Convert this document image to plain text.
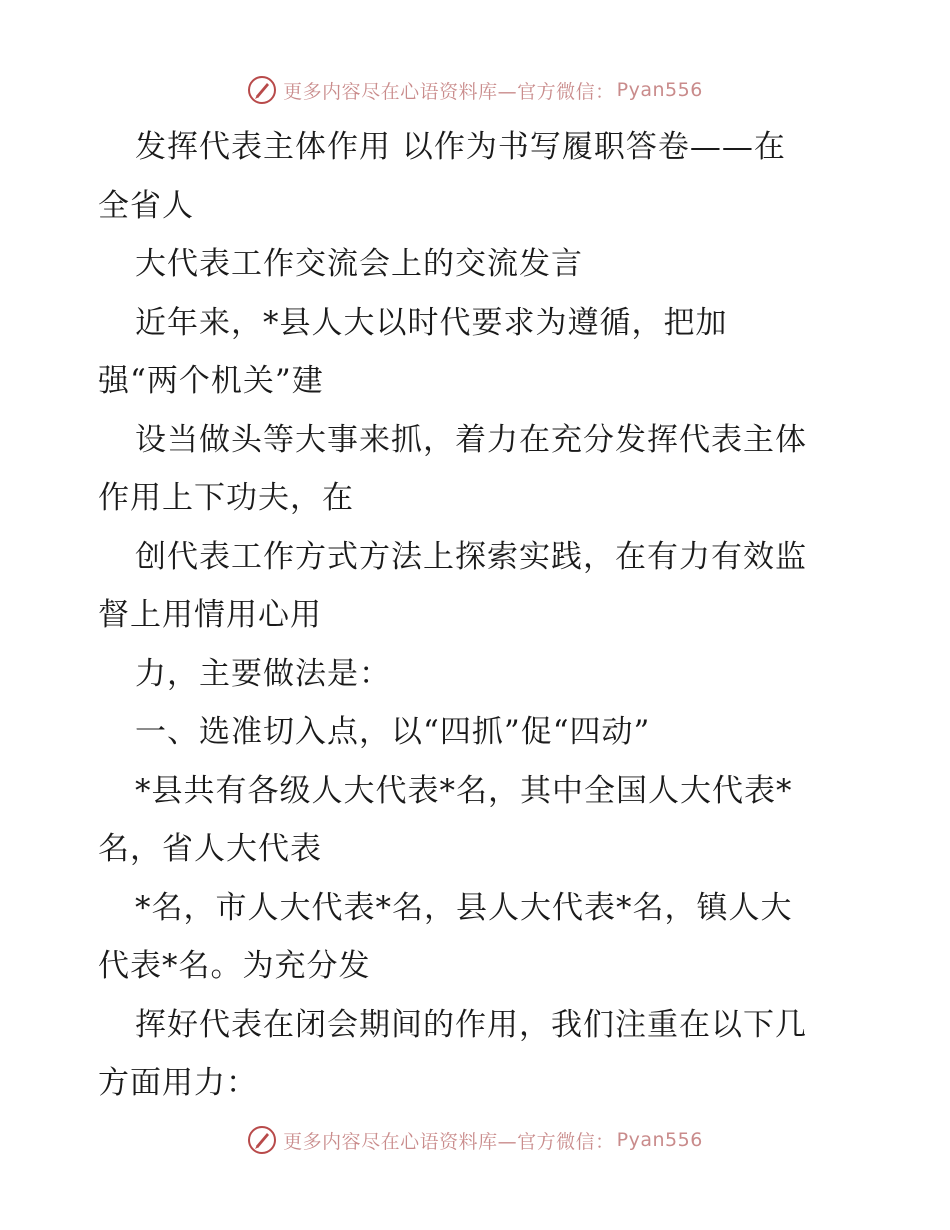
更多内容尽在心语资料库—官方微信： Pyan556
发挥代表主体作用 以作为书写履职答卷——在
全省人
大代表工作交流会上的交流发言
近年来，*县人大以时代要求为遵循，把加
强“两个机关”建
设当做头等大事来抓，着力在充分发挥代表主体
作用上下功夫，在
创代表工作方式方法上探索实践，在有力有效监
督上用情用心用
力，主要做法是：
一、选准切入点，以“四抓”促“四动”
*县共有各级人大代表*名，其中全国人大代表*
名，省人大代表
*名，市人大代表*名，县人大代表*名，镇人大
代表*名。为充分发
挥好代表在闭会期间的作用，我们注重在以下几
方面用力：
更多内容尽在心语资料库—官方微信： Pyan556
